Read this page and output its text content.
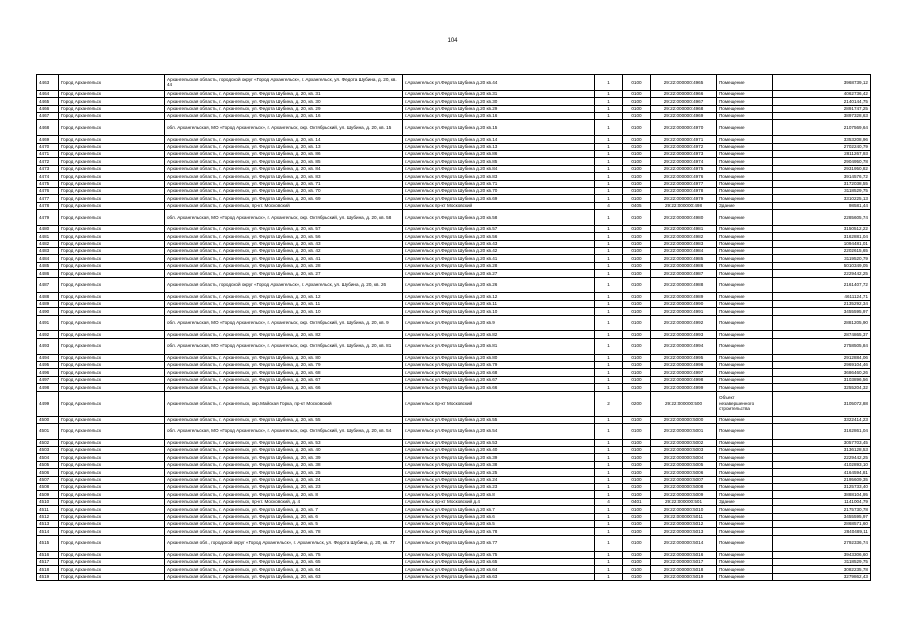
104
4463	Город Архангельск	Архангельская область, городской округ «Город Архангельск», г. Архангельск, ул. Федота Шубина, д. 20, кв. 44	г.Архангельск ул.Федота Шубина д.20 кв.44	1	0100	29:22:000000:4965	Помещение	3968739,12
4464	Город Архангельск	Архангельская область, г. Архангельск, ул. Федота Шубина, д. 20, кв. 31	г.Архангельск ул.Федота Шубина д.20 кв.31	1	0100	29:22:000000:4966	Помещение	4062736,42
4465	Город Архангельск	Архангельская область, г. Архангельск, ул. Федота Шубина, д. 20, кв. 30	г.Архангельск ул.Федота Шубина д.20 кв.30	1	0100	29:22:000000:4967	Помещение	2140144,75
4466	Город Архангельск	Архангельская область, г. Архангельск, ул. Федота Шубина, д. 20, кв. 29	г.Архангельск ул.Федота Шубина д.20 кв.29	1	0100	29:22:000000:4968	Помещение	2891747,25
4467	Город Архангельск	Архангельская область, г. Архангельск, ул. Федота Шубина, д. 20, кв. 16	г.Архангельск ул.Федота Шубина д.20 кв.16	1	0100	29:22:000000:4969	Помещение	3897328,63
4468	Город Архангельск	обл. Архангельская, МО «Город Архангельск», г. Архангельск, окр. Октябрьский, ул. Шубина, д. 20, кв. 15	г.Архангельск ул.Федота Шубина д.20 кв.15	1	0100	29:22:000000:4970	Помещение	2107569,64
4469	Город Архангельск	Архангельская область, г. Архангельск, ул. Федота Шубина, д. 20, кв. 14	г.Архангельск ул.Федота Шубина д.20 кв.14	1	0100	29:22:000000:4971	Помещение	3353208,96
4470	Город Архангельск	Архангельская область, г. Архангельск, ул. Федота Шубина, д. 20, кв. 13	г.Архангельск ул.Федота Шубина д.20 кв.13	1	0100	29:22:000000:4972	Помещение	2702240,79
4471	Город Архангельск	Архангельская область, г. Архангельск, ул. Федота Шубина, д. 20, кв. 86	г.Архангельск ул.Федота Шубина д.20 кв.86	1	0100	29:22:000000:4973	Помещение	2811267,93
4472	Город Архангельск	Архангельская область, г. Архангельск, ул. Федота Шубина, д. 20, кв. 85	г.Архангельск ул.Федота Шубина д.20 кв.85	1	0100	29:22:000000:4974	Помещение	2904950,78
4473	Город Архангельск	Архангельская область, г. Архангельск, ул. Федота Шубина, д. 20, кв. 84	г.Архангельск ул.Федота Шубина д.20 кв.84	1	0100	29:22:000000:4975	Помещение	2931950,82
4474	Город Архангельск	Архангельская область, г. Архангельск, ул. Федота Шубина, д. 20, кв. 83	г.Архангельск ул.Федота Шубина д.20 кв.83	1	0100	29:22:000000:4976	Помещение	3914576,72
4475	Город Архангельск	Архангельская область, г. Архангельск, ул. Федота Шубина, д. 20, кв. 71	г.Архангельск ул.Федота Шубина д.20 кв.71	1	0100	29:22:000000:4977	Помещение	3172038,55
4476	Город Архангельск	Архангельская область, г. Архангельск, ул. Федота Шубина, д. 20, кв. 70	г.Архангельск ул.Федота Шубина д.20 кв.70	1	0100	29:22:000000:4978	Помещение	3118529,75
4477	Город Архангельск	Архангельская область, г. Архангельск, ул. Федота Шубина, д. 20, кв. 69	г.Архангельск ул.Федота Шубина д.20 кв.69	1	0100	29:22:000000:4979	Помещение	3310225,13
4478	Город Архангельск	Архангельская область, г. Архангельск, пр-кт. Московский	г.Архангельск пр-кт Московский	4	0405	29:22:000000:498	Здание	98581,44
4479	Город Архангельск	обл. Архангельская, МО «Город Архангельск», г. Архангельск, окр. Октябрьский, ул. Шубина, д. 20, кв. 58	г.Архангельск ул.Федота Шубина д.20 кв.58	1	0100	29:22:000000:4980	Помещение	2285605,74
4480	Город Архангельск	Архангельская область, г. Архангельск, ул. Федота Шубина, д. 20, кв. 57	г.Архангельск ул.Федота Шубина д.20 кв.57	1	0100	29:22:000000:4981	Помещение	3150512,22
4481	Город Архангельск	Архангельская область, г. Архангельск, ул. Федота Шубина, д. 20, кв. 56	г.Архангельск ул.Федота Шубина д.20 кв.56	1	0100	29:22:000000:4982	Помещение	3162881,04
4482	Город Архангельск	Архангельская область, г. Архангельск, ул. Федота Шубина, д. 20, кв. 43	г.Архангельск ул.Федота Шубина д.20 кв.43	1	0100	29:22:000000:4983	Помещение	1094481,01
4483	Город Архангельск	Архангельская область, г. Архангельск, ул. Федота Шубина, д. 20, кв. 42	г.Архангельск ул.Федота Шубина д.20 кв.42	1	0100	29:22:000000:4984	Помещение	2202615,65
4484	Город Архангельск	Архангельская область, г. Архангельск, ул. Федота Шубина, д. 20, кв. 41	г.Архангельск ул.Федота Шубина д.20 кв.41	1	0100	29:22:000000:4985	Помещение	3119520,79
4485	Город Архангельск	Архангельская область, г. Архангельск, ул. Федота Шубина, д. 20, кв. 28	г.Архангельск ул.Федота Шубина д.20 кв.28	1	0100	29:22:000000:4986	Помещение	5010349,05
4486	Город Архангельск	Архангельская область, г. Архангельск, ул. Федота Шубина, д. 20, кв. 27	г.Архангельск ул.Федота Шубина д.20 кв.27	1	0100	29:22:000000:4987	Помещение	2229442,25
4487	Город Архангельск	Архангельская область, городской округ «Город Архангельск», г. Архангельск, ул. Шубина, д. 20, кв. 26	г.Архангельск ул.Федота Шубина д.20 кв.26	1	0100	29:22:000000:4988	Помещение	2161407,72
4488	Город Архангельск	Архангельская область, г. Архангельск, ул. Федота Шубина, д. 20, кв. 12	г.Архангельск ул.Федота Шубина д.20 кв.12	1	0100	29:22:000000:4989	Помещение	4611124,71
4489	Город Архангельск	Архангельская область, г. Архангельск, ул. Федота Шубина, д. 20, кв. 11	г.Архангельск ул.Федота Шубина д.20 кв.11	1	0100	29:22:000000:4990	Помещение	2135292,34
4490	Город Архангельск	Архангельская область, г. Архангельск, ул. Федота Шубина, д. 20, кв. 10	г.Архангельск ул.Федота Шубина д.20 кв.10	1	0100	29:22:000000:4991	Помещение	3455595,97
4491	Город Архангельск	обл. Архангельская, МО «Город Архангельск», г. Архангельск, окр. Октябрьский, ул. Шубина, д. 20, кв. 9	г.Архангельск ул.Федота Шубина д.20 кв.9	1	0100	29:22:000000:4992	Помещение	2881205,90
4492	Город Архангельск	Архангельская область, г. Архангельск, ул. Федота Шубина, д. 20, кв. 82	г.Архангельск ул.Федота Шубина д.20 кв.82	1	0100	29:22:000000:4993	Помещение	2874865,37
4493	Город Архангельск	обл. Архангельская, МО «Город Архангельск», г. Архангельск, окр. Октябрьский, ул. Шубина, д. 20, кв. 81	г.Архангельск ул.Федота Шубина д.20 кв.81	1	0100	29:22:000000:4994	Помещение	2758505,84
4494	Город Архангельск	Архангельская область, г. Архангельск, ул. Федота Шубина, д. 20, кв. 80	г.Архангельск ул.Федота Шубина д.20 кв.80	1	0100	29:22:000000:4995	Помещение	2912884,06
4495	Город Архангельск	Архангельская область, г. Архангельск, ул. Федота Шубина, д. 20, кв. 79	г.Архангельск ул.Федота Шубина д.20 кв.79	1	0100	29:22:000000:4996	Помещение	2969104,46
4496	Город Архангельск	Архангельская область, г. Архангельск, ул. Федота Шубина, д. 20, кв. 68	г.Архангельск ул.Федота Шубина д.20 кв.68	1	0100	29:22:000000:4997	Помещение	3686460,26
4497	Город Архангельск	Архангельская область, г. Архангельск, ул. Федота Шубина, д. 20, кв. 67	г.Архангельск ул.Федота Шубина д.20 кв.67	1	0100	29:22:000000:4998	Помещение	3103896,56
4498	Город Архангельск	Архангельская область, г. Архангельск, ул. Федота Шубина, д. 20, кв. 66	г.Архангельск ул.Федота Шубина д.20 кв.66	1	0100	29:22:000000:4999	Помещение	3255204,32
4499	Город Архангельск	Архангельская область, г. Архангельск, окр.Майская Горка, пр-кт Московский	г.Архангельск пр-кт Московский	2	0200	29:22:000000:500	Объект незавершенного строительства	3105072,88
4500	Город Архангельск	Архангельская область, г. Архангельск, ул. Федота Шубина, д. 20, кв. 55	г.Архангельск ул.Федота Шубина д.20 кв.55	1	0100	29:22:000000:5000	Помещение	3322414,23
4501	Город Архангельск	обл. Архангельская, МО «Город Архангельск», г. Архангельск, окр. Октябрьский, ул. Шубина, д. 20, кв. 54	г.Архангельск ул.Федота Шубина д.20 кв.54	1	0100	29:22:000000:5001	Помещение	3162861,04
4502	Город Архангельск	Архангельская область, г. Архангельск, ул. Федота Шубина, д. 20, кв. 53	г.Архангельск ул.Федота Шубина д.20 кв.53	1	0100	29:22:000000:5002	Помещение	3057703,45
4503	Город Архангельск	Архангельская область, г. Архангельск, ул. Федота Шубина, д. 20, кв. 40	г.Архангельск ул.Федота Шубина д.20 кв.40	1	0100	29:22:000000:5003	Помещение	3136128,53
4504	Город Архангельск	Архангельская область, г. Архангельск, ул. Федота Шубина, д. 20, кв. 39	г.Архангельск ул.Федота Шубина д.20 кв.39	1	0100	29:22:000000:5004	Помещение	2229442,25
4505	Город Архангельск	Архангельская область, г. Архангельск, ул. Федота Шубина, д. 20, кв. 38	г.Архангельск ул.Федота Шубина д.20 кв.38	1	0100	29:22:000000:5005	Помещение	4102893,10
4506	Город Архангельск	Архангельская область, г. Архангельск, ул. Федота Шубина, д. 20, кв. 25	г.Архангельск ул.Федота Шубина д.20 кв.25	1	0100	29:22:000000:5006	Помещение	4164594,81
4507	Город Архангельск	Архангельская область, г. Архангельск, ул. Федота Шубина, д. 20, кв. 24	г.Архангельск ул.Федота Шубина д.20 кв.24	1	0100	29:22:000000:5007	Помещение	2195609,35
4508	Город Архангельск	Архангельская область, г. Архангельск, ул. Федота Шубина, д. 20, кв. 23	г.Архангельск ул.Федота Шубина д.20 кв.23	1	0100	29:22:000000:5008	Помещение	3125733,40
4509	Город Архангельск	Архангельская область, г. Архангельск, ул. Федота Шубина, д. 20, кв. 8	г.Архангельск ул.Федота Шубина д.20 кв.8	1	0100	29:22:000000:5009	Помещение	3888104,95
4510	Город Архангельск	Архангельская область, г. Архангельск, пр-кт. Московский, д. 4	г.Архангельск пр-кт Московский д.4	4	0401	29:22:000000:501	Здание	1141004,79
4511	Город Архангельск	Архангельская область, г. Архангельск, ул. Федота Шубина, д. 20, кв. 7	г.Архангельск ул.Федота Шубина д.20 кв.7	1	0100	29:22:000000:5010	Помещение	2175730,78
4512	Город Архангельск	Архангельская область, г. Архангельск, ул. Федота Шубина, д. 20, кв. 6	г.Архангельск ул.Федота Шубина д.20 кв.6	1	0100	29:22:000000:5011	Помещение	3455595,97
4513	Город Архангельск	Архангельская область, г. Архангельск, ул. Федота Шубина, д. 20, кв. 5	г.Архангельск ул.Федота Шубина д.20 кв.5	1	0100	29:22:000000:5012	Помещение	2868571,60
4514	Город Архангельск	Архангельская область, г. Архангельск, ул. Федота Шубина, д. 20, кв. 78	г.Архангельск ул.Федота Шубина д.20 кв.78	1	0100	29:22:000000:5013	Помещение	2840489,11
4515	Город Архангельск	Архангельская обл., городской округ «Город Архангельск», г. Архангельск, ул. Федота Шубина, д. 20, кв. 77	г.Архангельск ул.Федота Шубина д.20 кв.77	1	0100	29:22:000000:5014	Помещение	2792336,74
4516	Город Архангельск	Архангельская область, г. Архангельск, ул. Федота Шубина, д. 20, кв. 75	г.Архангельск ул.Федота Шубина д.20 кв.75	1	0100	29:22:000000:5016	Помещение	3943306,60
4517	Город Архангельск	Архангельская область, г. Архангельск, ул. Федота Шубина, д. 20, кв. 65	г.Архангельск ул.Федота Шубина д.20 кв.65	1	0100	29:22:000000:5017	Помещение	3118529,75
4518	Город Архангельск	Архангельская область, г. Архангельск, ул. Федота Шубина, д. 20, кв. 64	г.Архангельск ул.Федота Шубина д.20 кв.64	1	0100	29:22:000000:5018	Помещение	3082235,78
4519	Город Архангельск	Архангельская область, г. Архангельск, ул. Федота Шубина, д. 20, кв. 63	г.Архангельск ул.Федота Шубина д.20 кв.63	1	0100	29:22:000000:5019	Помещение	3279862,43
